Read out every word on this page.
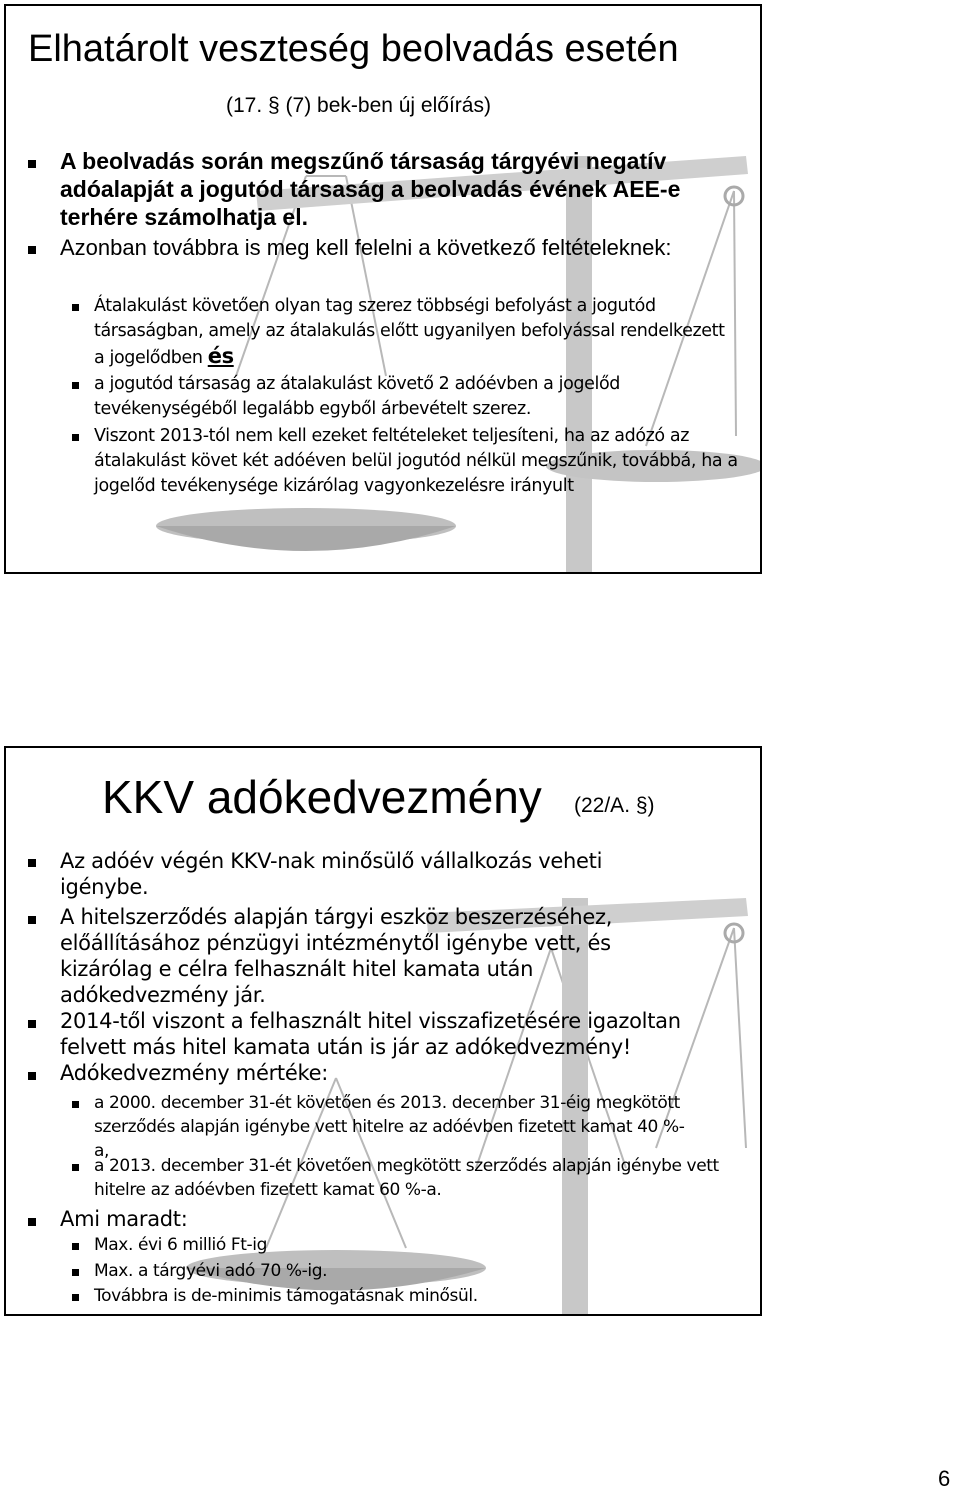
Elhatárolt veszteség beolvadás esetén
(17. § (7) bek-ben új előírás)
A beolvadás során megszűnő társaság tárgyévi negatív adóalapját a jogutód társaság a beolvadás évének AEE-e terhére számolhatja el.
Azonban továbbra is meg kell felelni a következő feltételeknek:
Átalakulást követően olyan tag szerez többségi befolyást a jogutód társaságban, amely az átalakulás előtt ugyanilyen befolyással rendelkezett a jogelődben és
a jogutód társaság az átalakulást követő 2 adóévben a jogelőd tevékenységéből legalább egyből árbevételt szerez.
Viszont 2013-tól nem kell ezeket feltételeket teljesíteni, ha az adózó az átalakulást követ két adóéven belül jogutód nélkül megszűnik, továbbá, ha a jogelőd tevékenysége kizárólag vagyonkezelésre irányult
KKV adókedvezmény (22/A. §)
Az adóév végén KKV-nak minősülő vállalkozás veheti igénybe.
A hitelszerződés alapján tárgyi eszköz beszerzéséhez, előállításához pénzügyi intézménytől igénybe vett, és kizárólag e célra felhasznált hitel kamata után adókedvezmény jár.
2014-től viszont a felhasznált hitel visszafizetésére igazoltan felvett más hitel kamata után is jár az adókedvezmény!
Adókedvezmény mértéke:
a 2000. december 31-ét követően és 2013. december 31-éig megkötött szerződés alapján igénybe vett hitelre az adóévben fizetett kamat 40 %-a,
a 2013. december 31-ét követően megkötött szerződés alapján igénybe vett hitelre az adóévben fizetett kamat 60 %-a.
Ami maradt:
Max. évi 6 millió Ft-ig
Max. a tárgyévi adó 70 %-ig.
Továbbra is de-minimis támogatásnak minősül.
6
